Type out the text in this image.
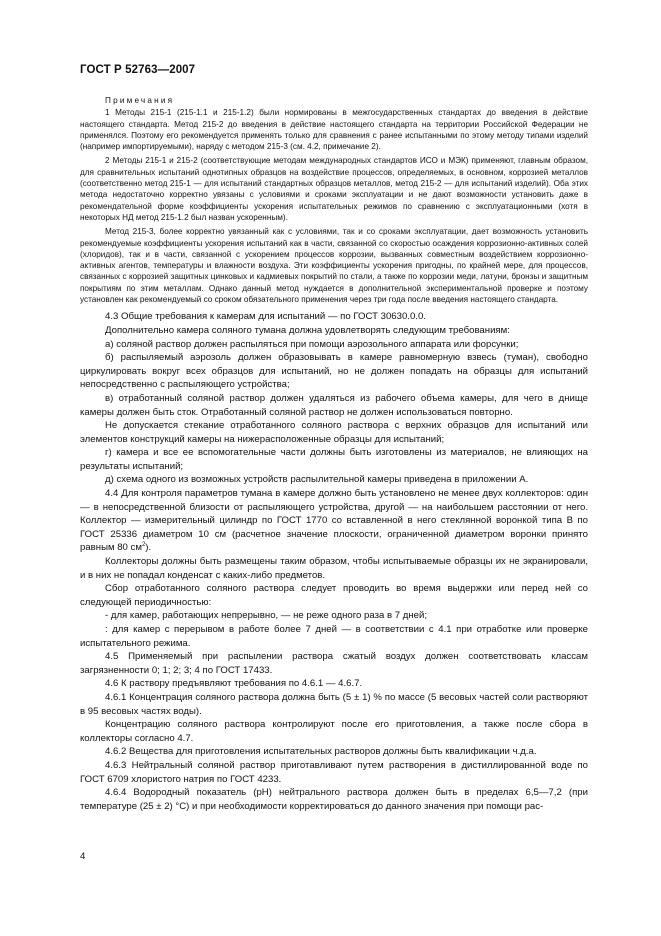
ГОСТ Р 52763—2007

Примечания

1 Методы 215-1 (215-1.1 и 215-1.2) были нормированы в межгосударственных стандартах до введения в действие настоящего стандарта. Метод 215-2 до введения в действие настоящего стандарта на территории Российской Федерации не применялся. Поэтому его рекомендуется применять только для сравнения с ранее испытанными по этому методу типами изделий (например импортируемыми), наряду с методом 215-3 (см. 4.2, примечание 2).

2 Методы 215-1 и 215-2 (соответствующие методам международных стандартов ИСО и МЭК) применяют, главным образом, для сравнительных испытаний однотипных образцов на воздействие процессов, определяемых, в основном, коррозией металлов (соответственно метод 215-1 — для испытаний стандартных образцов металлов, метод 215-2 — для испытаний изделий). Оба этих метода недостаточно корректно увязаны с условиями и сроками эксплуатации и не дают возможности установить даже в рекомендательной форме коэффициенты ускорения испытательных режимов по сравнению с эксплуатационными (хотя в некоторых НД метод 215-1.2 был назван ускоренным).

Метод 215-3, более корректно увязанный как с условиями, так и со сроками эксплуатации, дает возможность установить рекомендуемые коэффициенты ускорения испытаний как в части, связанной со скоростью осаждения коррозионно-активных солей (хлоридов), так и в части, связанной с ускорением процессов коррозии, вызванных совместным воздействием коррозионно-активных агентов, температуры и влажности воздуха. Эти коэффициенты ускорения пригодны, по крайней мере, для процессов, связанных с коррозией защитных цинковых и кадмиевых покрытий по стали, а также по коррозии меди, латуни, бронзы и защитным покрытиям по этим металлам. Однако данный метод нуждается в дополнительной экспериментальной проверке и поэтому установлен как рекомендуемый со сроком обязательного применения через три года после введения настоящего стандарта.

4.3 Общие требования к камерам для испытаний — по ГОСТ 30630.0.0.

Дополнительно камера соляного тумана должна удовлетворять следующим требованиям:

а) соляной раствор должен распыляться при помощи аэрозольного аппарата или форсунки;

б) распыляемый аэрозоль должен образовывать в камере равномерную взвесь (туман), свободно циркулировать вокруг всех образцов для испытаний, но не должен попадать на образцы для испытаний непосредственно с распыляющего устройства;

в) отработанный соляной раствор должен удаляться из рабочего объема камеры, для чего в днище камеры должен быть сток. Отработанный соляной раствор не должен использоваться повторно.

Не допускается стекание отработанного соляного раствора с верхних образцов для испытаний или элементов конструкций камеры на нижерасположенные образцы для испытаний;

г) камера и все ее вспомогательные части должны быть изготовлены из материалов, не влияющих на результаты испытаний;

д) схема одного из возможных устройств распылительной камеры приведена в приложении А.

4.4 Для контроля параметров тумана в камере должно быть установлено не менее двух коллекторов: один — в непосредственной близости от распыляющего устройства, другой — на наибольшем расстоянии от него. Коллектор — измерительный цилиндр по ГОСТ 1770 со вставленной в него стеклянной воронкой типа В по ГОСТ 25336 диаметром 10 см (расчетное значение плоскости, ограниченной диаметром воронки принято равным 80 $см^2$).

Коллекторы должны быть размещены таким образом, чтобы испытываемые образцы их не экранировали, и в них не попадал конденсат с каких-либо предметов.

Сбор отработанного соляного раствора следует проводить во время выдержки или перед ней со следующей периодичностью:

- для камер, работающих непрерывно, — не реже одного раза в 7 дней;

: для камер с перерывом в работе более 7 дней — в соответствии с 4.1 при отработке или проверке испытательного режима.

4.5 Применяемый при распылении раствора сжатый воздух должен соответствовать классам загрязненности 0; 1; 2; 3; 4 по ГОСТ 17433.

4.6 К раствору предъявляют требования по 4.6.1 — 4.6.7.

4.6.1 Концентрация соляного раствора должна быть (5 ± 1) % по массе (5 весовых частей соли растворяют в 95 весовых частях воды).

Концентрацию соляного раствора контролируют после его приготовления, а также после сбора в коллекторы согласно 4.7.

4.6.2 Вещества для приготовления испытательных растворов должны быть квалификации ч.д.а.

4.6.3 Нейтральный соляной раствор приготавливают путем растворения в дистиллированной воде по ГОСТ 6709 хлористого натрия по ГОСТ 4233.

4.6.4 Водородный показатель (рН) нейтрального раствора должен быть в пределах 6,5—7,2 (при температуре (25 ± 2) °С) и при необходимости корректироваться до данного значения при помощи рас-

4
